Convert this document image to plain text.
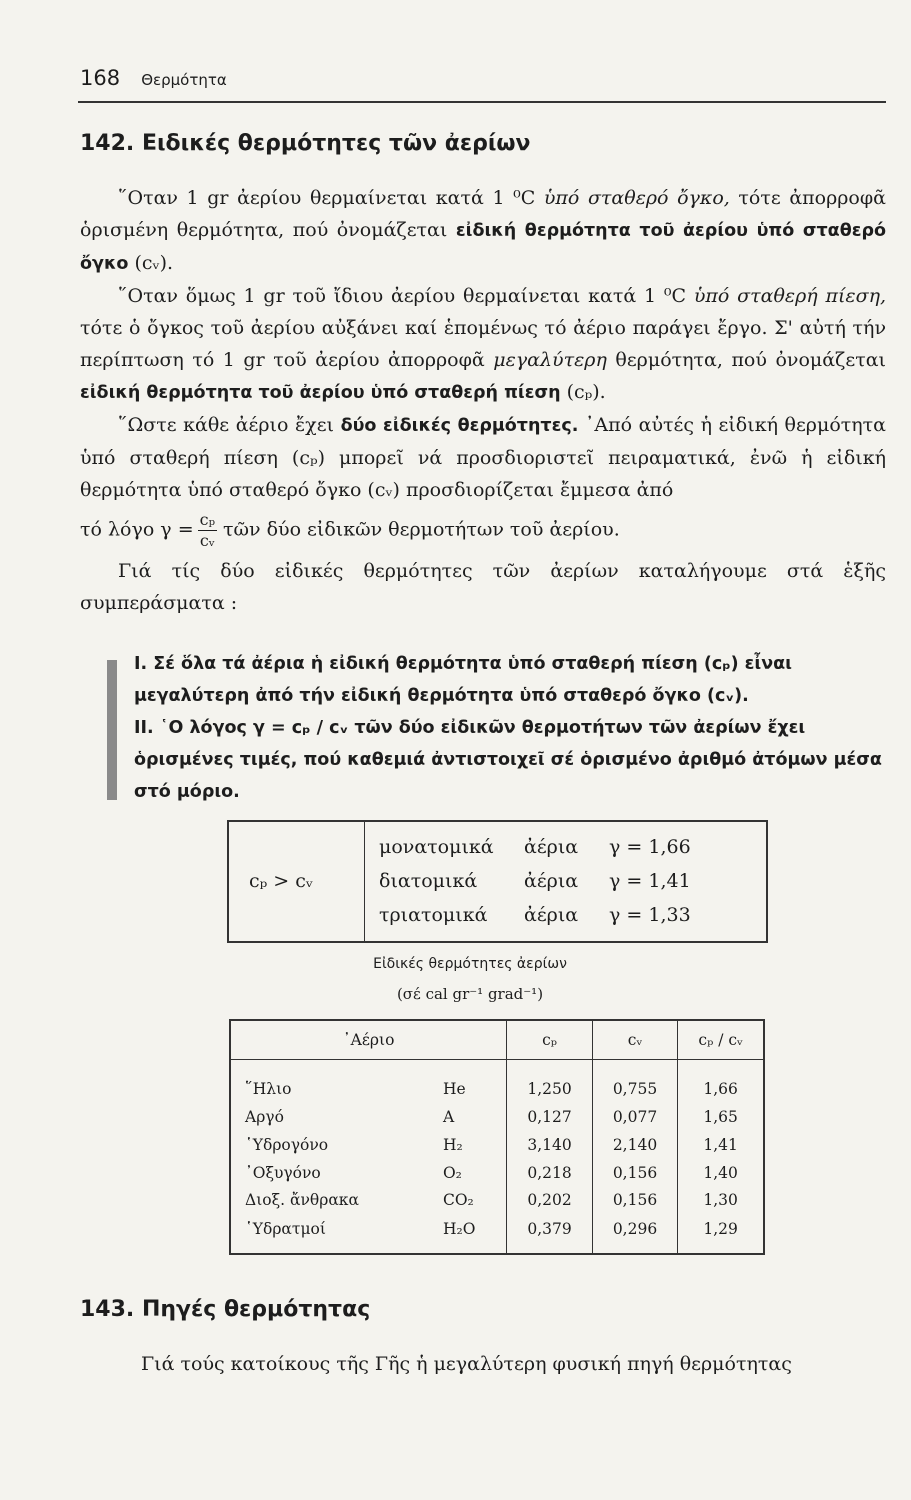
168 Θερμότητα
142. Ειδικές θερμότητες τῶν ἀερίων

῞Οταν 1 gr ἀερίου θερμαίνεται κατά 1 ⁰C ὑπό σταθερό ὄγκο, τότε ἀπορροφᾶ ὁρισμένη θερμότητα, πού ὀνομάζεται εἰδική θερμότητα τοῦ ἀερίου ὑπό σταθερό ὄγκο (cᵥ).

῞Οταν ὅμως 1 gr τοῦ ἴδιου ἀερίου θερμαίνεται κατά 1 ⁰C ὑπό σταθερή πίεση, τότε ὁ ὄγκος τοῦ ἀερίου αὐξάνει καί ἑπομένως τό ἀέριο παράγει ἔργο. Σ' αὐτή τήν περίπτωση τό 1 gr τοῦ ἀερίου ἀπορροφᾶ μεγαλύτερη θερμότητα, πού ὀνομάζεται εἰδική θερμότητα τοῦ ἀερίου ὑπό σταθερή πίεση (cₚ).

῞Ωστε κάθε ἀέριο ἔχει δύο εἰδικές θερμότητες. ᾽Από αὐτές ἡ εἰδική θερμότητα ὑπό σταθερή πίεση (cₚ) μπορεῖ νά προσδιοριστεῖ πειραματικά, ἐνῶ ἡ εἰδική θερμότητα ὑπό σταθερό ὄγκο (cᵥ) προσδιορίζεται ἔμμεσα ἀπό

τό λόγο $\gamma = \frac{\text{cₚ}}{\text{cᵥ}}$ τῶν δύο εἰδικῶν θερμοτήτων τοῦ ἀερίου.

Γιά τίς δύο εἰδικές θερμότητες τῶν ἀερίων καταλήγουμε στά ἑξῆς συμπεράσματα :

I. Σέ ὅλα τά ἀέρια ἡ εἰδική θερμότητα ὑπό σταθερή πίεση (cₚ) εἶναι μεγαλύτερη ἀπό τήν εἰδική θερμότητα ὑπό σταθερό ὄγκο (cᵥ).

II. ῾Ο λόγος γ = cₚ / cᵥ τῶν δύο εἰδικῶν θερμοτήτων τῶν ἀερίων ἔχει ὁρισμένες τιμές, πού καθεμιά ἀντιστοιχεῖ σέ ὁρισμένο ἀριθμό ἀτόμων μέσα στό μόριο.

cₚ > cᵥ
μονατομικά ἀέρια γ = 1,66
διατομικά ἀέρια γ = 1,41
τριατομικά ἀέρια γ = 1,33
Εἰδικές θερμότητες ἀερίων
(σέ cal gr⁻¹ grad⁻¹)
᾽Αέριο		cₚ	cᵥ	cₚ / cᵥ
῞Ηλιο	He	1,250	0,755	1,66
Αργό	A	0,127	0,077	1,65
῾Υδρογόνο	H₂	3,140	2,140	1,41
᾽Οξυγόνο	O₂	0,218	0,156	1,40
Διοξ. ἄνθρακα	CO₂	0,202	0,156	1,30
῾Υδρατμοί	H₂O	0,379	0,296	1,29
143. Πηγές θερμότητας
Γιά τούς κατοίκους τῆς Γῆς ἡ μεγαλύτερη φυσική πηγή θερμότητας
